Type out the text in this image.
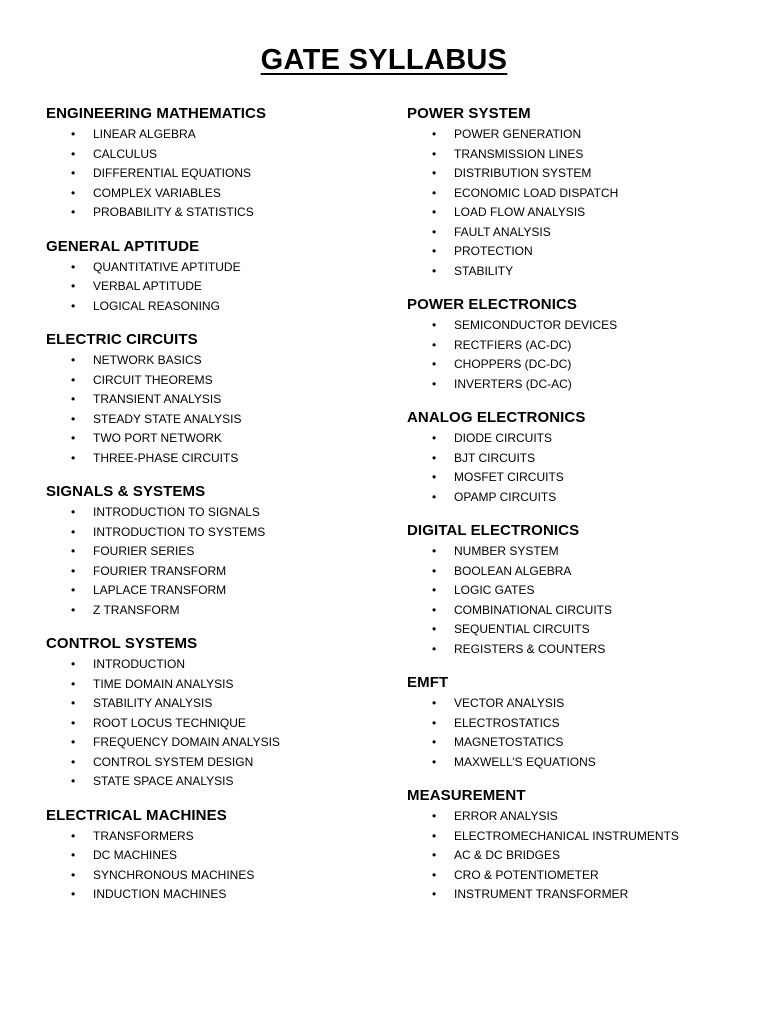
GATE SYLLABUS
ENGINEERING MATHEMATICS
• LINEAR ALGEBRA
• CALCULUS
• DIFFERENTIAL EQUATIONS
• COMPLEX VARIABLES
• PROBABILITY & STATISTICS
GENERAL APTITUDE
• QUANTITATIVE APTITUDE
• VERBAL APTITUDE
• LOGICAL REASONING
ELECTRIC CIRCUITS
• NETWORK BASICS
• CIRCUIT THEOREMS
• TRANSIENT ANALYSIS
• STEADY STATE ANALYSIS
• TWO PORT NETWORK
• THREE-PHASE CIRCUITS
SIGNALS & SYSTEMS
• INTRODUCTION TO SIGNALS
• INTRODUCTION TO SYSTEMS
• FOURIER SERIES
• FOURIER TRANSFORM
• LAPLACE TRANSFORM
• Z TRANSFORM
CONTROL SYSTEMS
• INTRODUCTION
• TIME DOMAIN ANALYSIS
• STABILITY ANALYSIS
• ROOT LOCUS TECHNIQUE
• FREQUENCY DOMAIN ANALYSIS
• CONTROL SYSTEM DESIGN
• STATE SPACE ANALYSIS
ELECTRICAL MACHINES
• TRANSFORMERS
• DC MACHINES
• SYNCHRONOUS MACHINES
• INDUCTION MACHINES
POWER SYSTEM
• POWER GENERATION
• TRANSMISSION LINES
• DISTRIBUTION SYSTEM
• ECONOMIC LOAD DISPATCH
• LOAD FLOW ANALYSIS
• FAULT ANALYSIS
• PROTECTION
• STABILITY
POWER ELECTRONICS
• SEMICONDUCTOR DEVICES
• RECTFIERS (AC-DC)
• CHOPPERS (DC-DC)
• INVERTERS (DC-AC)
ANALOG ELECTRONICS
• DIODE CIRCUITS
• BJT CIRCUITS
• MOSFET CIRCUITS
• OPAMP CIRCUITS
DIGITAL ELECTRONICS
• NUMBER SYSTEM
• BOOLEAN ALGEBRA
• LOGIC GATES
• COMBINATIONAL CIRCUITS
• SEQUENTIAL CIRCUITS
• REGISTERS & COUNTERS
EMFT
• VECTOR ANALYSIS
• ELECTROSTATICS
• MAGNETOSTATICS
• MAXWELL’S EQUATIONS
MEASUREMENT
• ERROR ANALYSIS
• ELECTROMECHANICAL INSTRUMENTS
• AC & DC BRIDGES
• CRO & POTENTIOMETER
• INSTRUMENT TRANSFORMER
